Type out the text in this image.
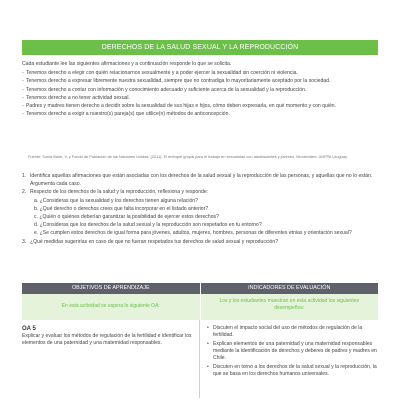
DERECHOS DE LA SALUD SEXUAL Y LA REPRODUCCIÓN

Cada estudiante lee las siguientes afirmaciones y a continuación responde lo que se solicita.

- Tenemos derecho a elegir con quién relacionarnos sexualmente y a poder ejercer la sexualidad sin coerción ni violencia.
- Tenemos derecho a expresar libremente nuestra sexualidad, siempre que no contradiga lo mayoritariamente aceptado por la sociedad.
- Tenemos derecho a contar con información y conocimiento adecuado y suficiente acerca de la sexualidad y la reproducción.
- Tenemos derecho a no tener actividad sexual.
- Padres y madres tienen derecho a decidir sobre la sexualidad de sus hijas e hijos, cómo deben expresarla, en qué momento y con quién.
- Tenemos derecho a exigir a nuestro(s) pareja(s) que utilice(n) métodos de anticoncepción.

Fuente: Sonia Baim, V. y Fondo de Población de las Naciones Unidas. (2011). El enfoque grupal para el trabajo en sexualidad con adolescentes y jóvenes. Montevideo: UNFPA Uruguay.

1. Identifica aquellas afirmaciones que están asociadas con los derechos de la salud sexual y la reproducción de las personas, y aquellas que no lo están. Argumenta cada caso.
2. Respecto de los derechos de la salud y la reproducción, reflexiona y responde:
a. ¿Consideras que la sexualidad y los derechos tienen alguna relación?
b. ¿Qué derecho o derechos crees que falta incorporar en el listado anterior?
c. ¿Quién o quiénes deberían garantizar la posibilidad de ejercer estos derechos?
d. ¿Consideras que los derechos de la salud sexual y la reproducción son respetados en tu entorno?
e. ¿Se cumplen estos derechos de igual forma para jóvenes, adultos, mujeres, hombres, personas de diferentes etnias y orientación sexual?
3. ¿Qué medidas sugerirías en caso de que no fueran respetados tus derechos de salud sexual y reproducción?
OBJETIVOS DE APRENDIZAJE	INDICADORES DE EVALUACIÓN
En esta actividad se espera lo siguiente OA:
Los y los estudiantes muestran en esta actividad los siguientes desempeños:
OA 5

Explicar y evaluar los métodos de regulación de la fertilidad e identificar los elementos de una paternidad y una maternidad responsables.

• Discuten el impacto social del uso de métodos de regulación de la fertilidad.
• Explican elementos de una paternidad y una maternidad responsables mediante la identificación de derechos y deberes de padres y madres en Chile.
• Discuten en torno a los derechos de la salud sexual y la reproducción, la que se basa en los derechos humanos universales.
